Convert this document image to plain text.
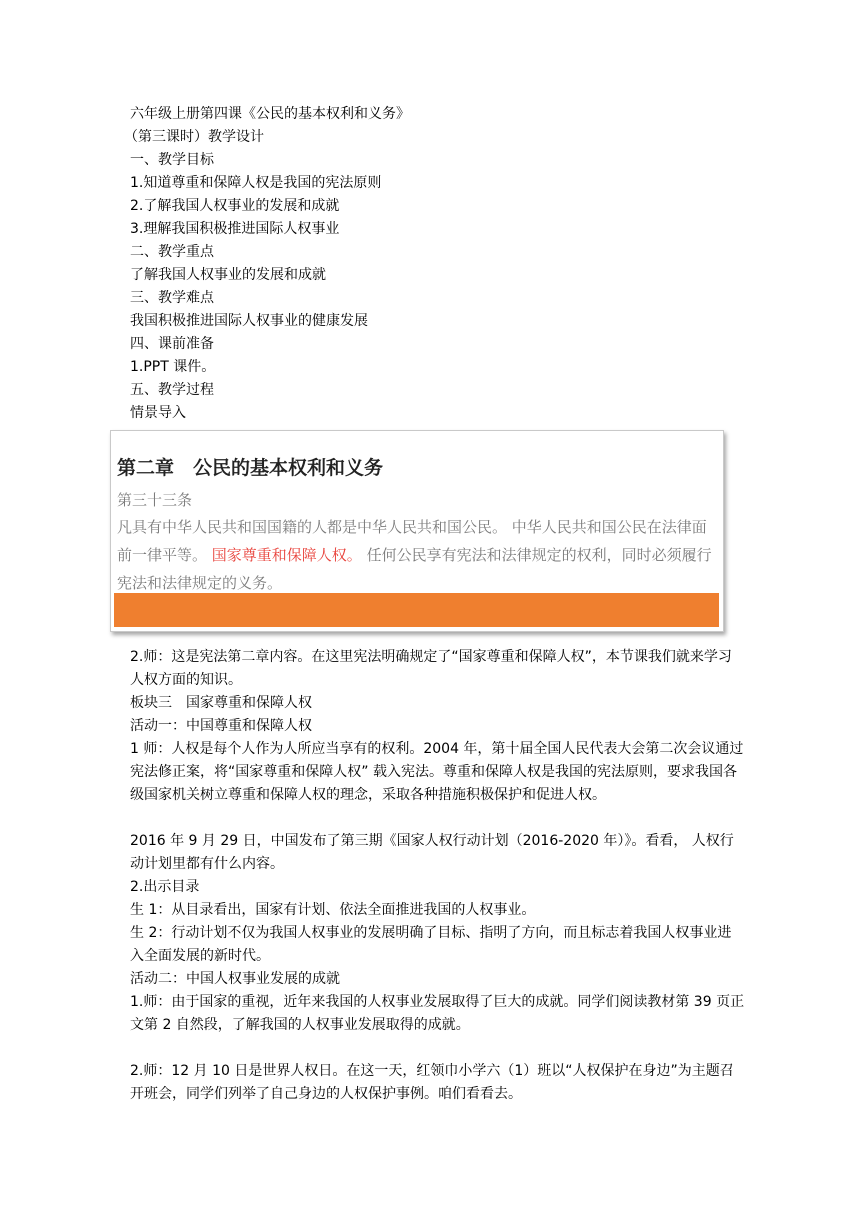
六年级上册第四课《公民的基本权利和义务》
（第三课时）教学设计
一、教学目标
1.知道尊重和保障人权是我国的宪法原则
2.了解我国人权事业的发展和成就
3.理解我国积极推进国际人权事业
二、教学重点
了解我国人权事业的发展和成就
三、教学难点
我国积极推进国际人权事业的健康发展
四、课前准备
1.PPT 课件。
五、教学过程
情景导入
第二章　公民的基本权利和义务
第三十三条
凡具有中华人民共和国国籍的人都是中华人民共和国公民。 中华人民共和国公民在法律面前一律平等。 国家尊重和保障人权。 任何公民享有宪法和法律规定的权利，同时必须履行宪法和法律规定的义务。
2.师：这是宪法第二章内容。在这里宪法明确规定了“国家尊重和保障人权”，本节课我们就来学习人权方面的知识。
板块三　国家尊重和保障人权
活动一：中国尊重和保障人权
1 师：人权是每个人作为人所应当享有的权利。2004 年，第十届全国人民代表大会第二次会议通过宪法修正案，将“国家尊重和保障人权” 载入宪法。尊重和保障人权是我国的宪法原则，要求我国各级国家机关树立尊重和保障人权的理念，采取各种措施积极保护和促进人权。
2016 年 9 月 29 日，中国发布了第三期《国家人权行动计划（2016-2020 年）》。看看， 人权行动计划里都有什么内容。
2.出示目录
生 1：从目录看出，国家有计划、依法全面推进我国的人权事业。
生 2：行动计划不仅为我国人权事业的发展明确了目标、指明了方向，而且标志着我国人权事业进入全面发展的新时代。
活动二：中国人权事业发展的成就
1.师：由于国家的重视，近年来我国的人权事业发展取得了巨大的成就。同学们阅读教材第 39 页正文第 2 自然段，了解我国的人权事业发展取得的成就。
2.师：12 月 10 日是世界人权日。在这一天，红领巾小学六（1）班以“人权保护在身边”为主题召开班会，同学们列举了自己身边的人权保护事例。咱们看看去。
